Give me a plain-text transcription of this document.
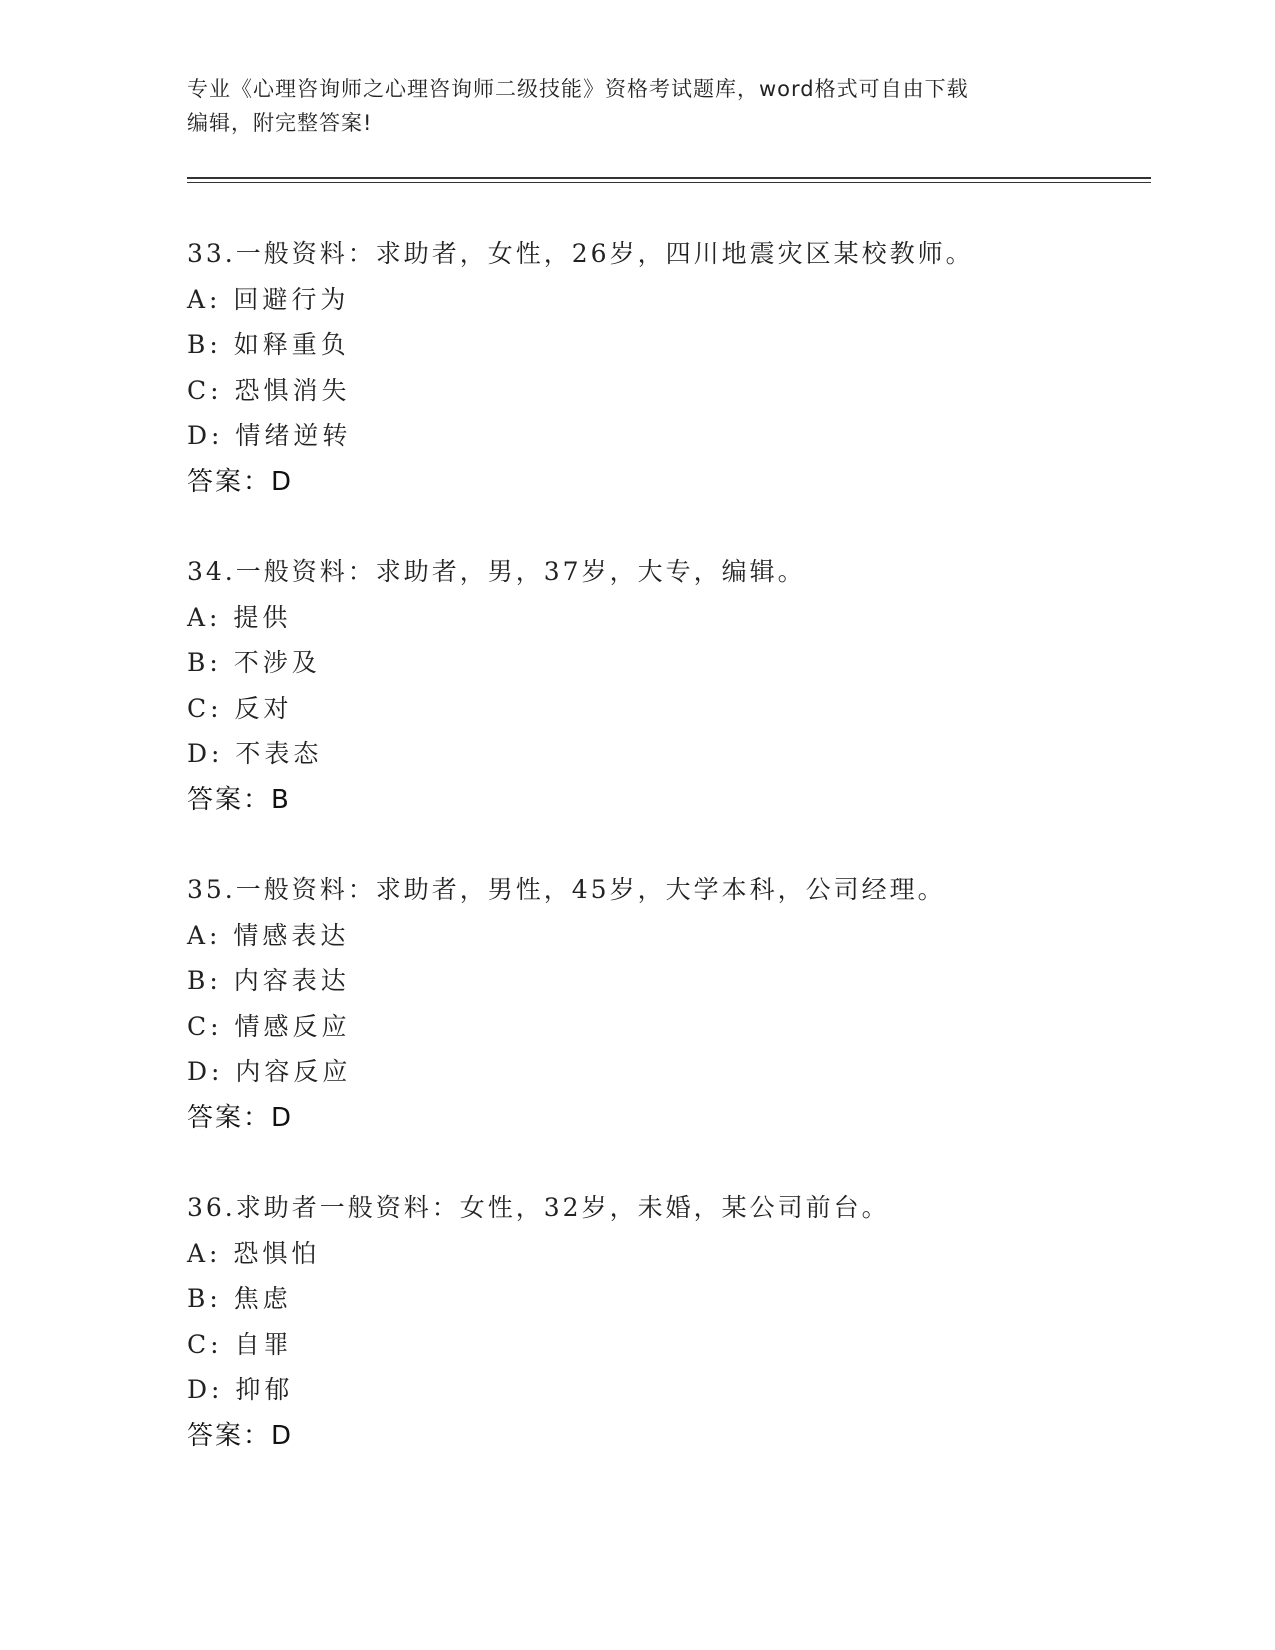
专业《心理咨询师之心理咨询师二级技能》资格考试题库，word格式可自由下载
编辑，附完整答案!
33.一般资料：求助者，女性，26岁，四川地震灾区某校教师。
A: 回避行为
B: 如释重负
C: 恐惧消失
D: 情绪逆转
答案：D
34.一般资料：求助者，男，37岁，大专，编辑。
A: 提供
B: 不涉及
C: 反对
D: 不表态
答案：B
35.一般资料：求助者，男性，45岁，大学本科，公司经理。
A: 情感表达
B: 内容表达
C: 情感反应
D: 内容反应
答案：D
36.求助者一般资料：女性，32岁，未婚，某公司前台。
A: 恐惧怕
B: 焦虑
C: 自罪
D: 抑郁
答案：D
